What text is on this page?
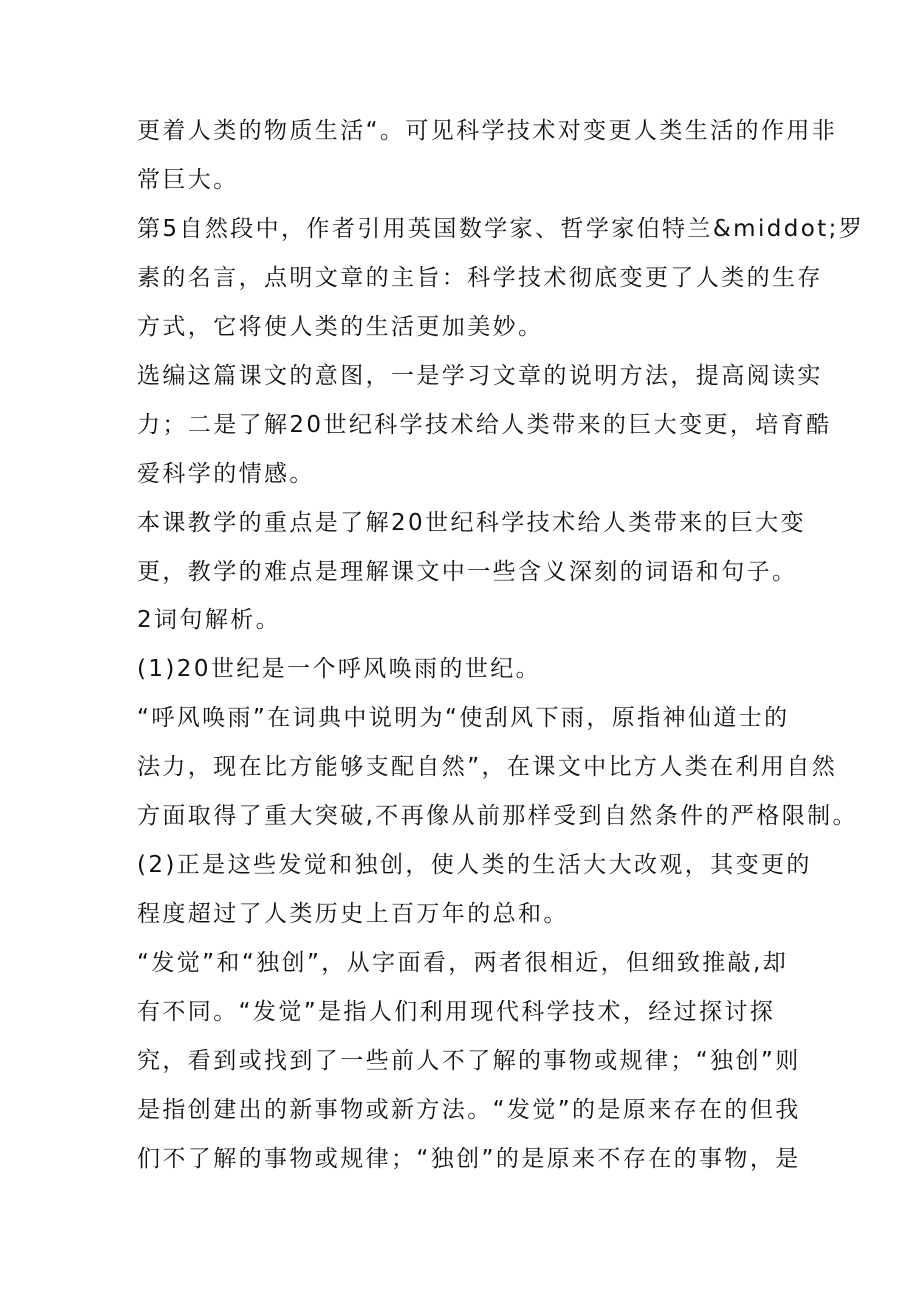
更着人类的物质生活“。可见科学技术对变更人类生活的作用非
常巨大。
第5自然段中，作者引用英国数学家、哲学家伯特兰&middot;罗
素的名言，点明文章的主旨：科学技术彻底变更了人类的生存
方式，它将使人类的生活更加美妙。
选编这篇课文的意图，一是学习文章的说明方法，提高阅读实
力；二是了解20世纪科学技术给人类带来的巨大变更，培育酷
爱科学的情感。
本课教学的重点是了解20世纪科学技术给人类带来的巨大变
更，教学的难点是理解课文中一些含义深刻的词语和句子。
2词句解析。
(1)20世纪是一个呼风唤雨的世纪。
“呼风唤雨”在词典中说明为“使刮风下雨，原指神仙道士的
法力，现在比方能够支配自然”，在课文中比方人类在利用自然
方面取得了重大突破,不再像从前那样受到自然条件的严格限制。
(2)正是这些发觉和独创，使人类的生活大大改观，其变更的
程度超过了人类历史上百万年的总和。
“发觉”和“独创”，从字面看，两者很相近，但细致推敲,却
有不同。“发觉”是指人们利用现代科学技术，经过探讨探
究，看到或找到了一些前人不了解的事物或规律；“独创”则
是指创建出的新事物或新方法。“发觉”的是原来存在的但我
们不了解的事物或规律；“独创”的是原来不存在的事物，是
